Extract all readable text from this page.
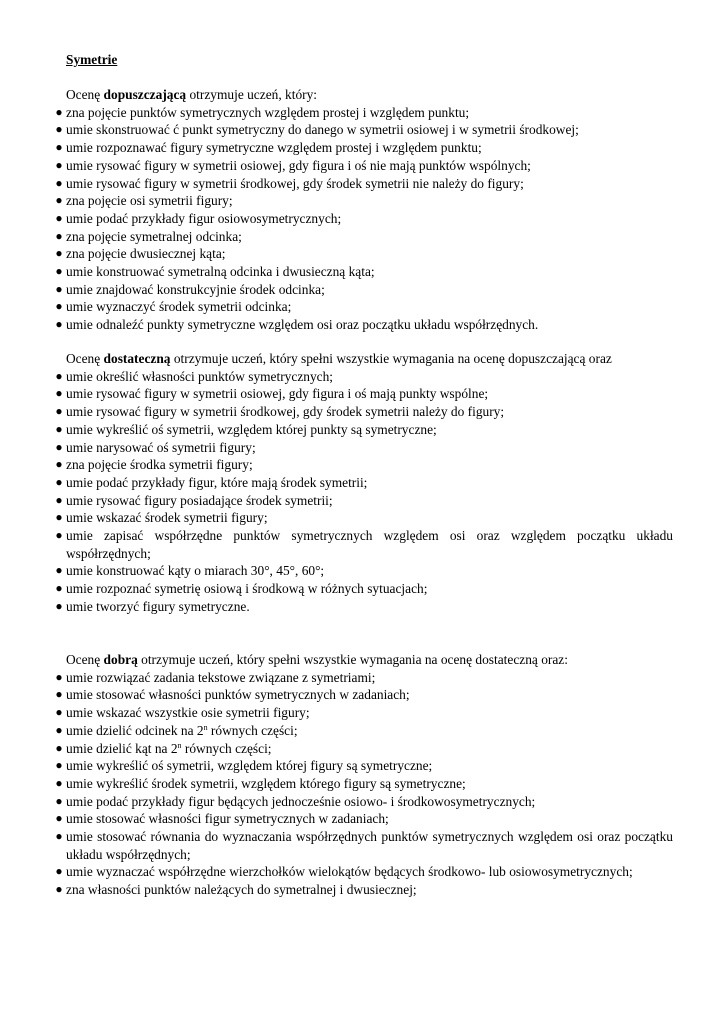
Symetrie

Ocenę dopuszczającą otrzymuje uczeń, który:

● zna pojęcie punktów symetrycznych względem prostej i względem punktu;
● umie skonstruować ć punkt symetryczny do danego w symetrii osiowej i w symetrii środkowej;
● umie rozpoznawać figury symetryczne względem prostej i względem punktu;
● umie rysować figury w symetrii osiowej, gdy figura i oś nie mają punktów wspólnych;
● umie rysować figury w symetrii środkowej, gdy środek symetrii nie należy do figury;
● zna pojęcie osi symetrii figury;
● umie podać przykłady figur osiowosymetrycznych;
● zna pojęcie symetralnej odcinka;
● zna pojęcie dwusiecznej kąta;
● umie konstruować symetralną odcinka i dwusieczną kąta;
● umie znajdować konstrukcyjnie środek odcinka;
● umie wyznaczyć środek symetrii odcinka;
● umie odnaleźć punkty symetryczne względem osi oraz początku układu współrzędnych.

Ocenę dostateczną otrzymuje uczeń, który spełni wszystkie wymagania na ocenę dopuszczającą oraz

● umie określić własności punktów symetrycznych;
● umie rysować figury w symetrii osiowej, gdy figura i oś mają punkty wspólne;
● umie rysować figury w symetrii środkowej, gdy środek symetrii należy do figury;
● umie wykreślić oś symetrii, względem której punkty są symetryczne;
● umie narysować oś symetrii figury;
● zna pojęcie środka symetrii figury;
● umie podać przykłady figur, które mają środek symetrii;
● umie rysować figury posiadające środek symetrii;
● umie wskazać środek symetrii figury;
● umie zapisać współrzędne punktów symetrycznych względem osi oraz względem początku układu współrzędnych;
● umie konstruować kąty o miarach 30°, 45°, 60°;
● umie rozpoznać symetrię osiową i środkową w różnych sytuacjach;
● umie tworzyć figury symetryczne.

Ocenę dobrą otrzymuje uczeń, który spełni wszystkie wymagania na ocenę dostateczną oraz:

● umie rozwiązać zadania tekstowe związane z symetriami;
● umie stosować własności punktów symetrycznych w zadaniach;
● umie wskazać wszystkie osie symetrii figury;
● umie dzielić odcinek na 2$^n$ równych części;
● umie dzielić kąt na 2$^n$ równych części;
● umie wykreślić oś symetrii, względem której figury są symetryczne;
● umie wykreślić środek symetrii, względem którego figury są symetryczne;
● umie podać przykłady figur będących jednocześnie osiowo- i środkowosymetrycznych;
● umie stosować własności figur symetrycznych w zadaniach;
● umie stosować równania do wyznaczania współrzędnych punktów symetrycznych względem osi oraz początku układu współrzędnych;
● umie wyznaczać współrzędne wierzchołków wielokątów będących środkowo- lub osiowosymetrycznych;
● zna własności punktów należących do symetralnej i dwusiecznej;
